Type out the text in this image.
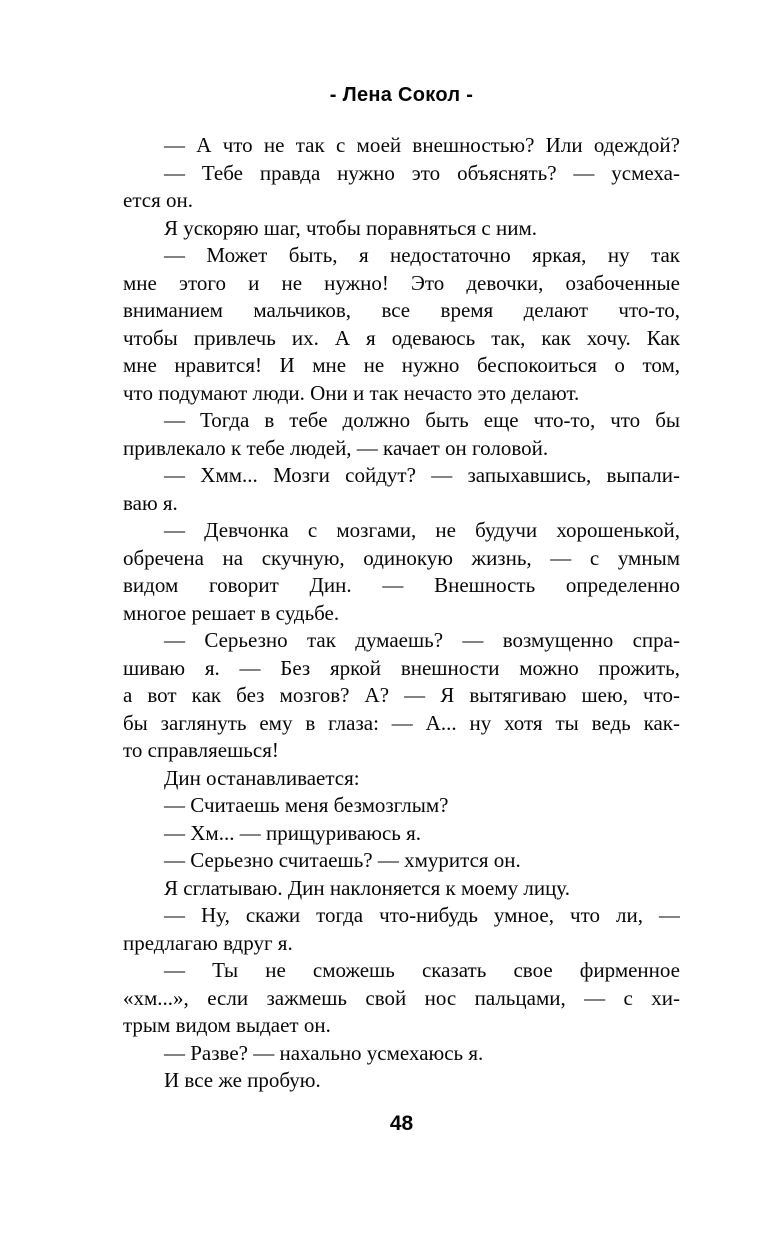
- Лена Сокол -
— А что не так с моей внешностью? Или одеждой?
— Тебе правда нужно это объяснять? — усмеха-
ется он.
Я ускоряю шаг, чтобы поравняться с ним.
— Может быть, я недостаточно яркая, ну так
мне этого и не нужно! Это девочки, озабоченные
вниманием мальчиков, все время делают что-то,
чтобы привлечь их. А я одеваюсь так, как хочу. Как
мне нравится! И мне не нужно беспокоиться о том,
что подумают люди. Они и так нечасто это делают.
— Тогда в тебе должно быть еще что-то, что бы
привлекало к тебе людей, — качает он головой.
— Хмм... Мозги сойдут? — запыхавшись, выпали-
ваю я.
— Девчонка с мозгами, не будучи хорошенькой,
обречена на скучную, одинокую жизнь, — с умным
видом говорит Дин. — Внешность определенно
многое решает в судьбе.
— Серьезно так думаешь? — возмущенно спра-
шиваю я. — Без яркой внешности можно прожить,
а вот как без мозгов? А? — Я вытягиваю шею, что-
бы заглянуть ему в глаза: — А... ну хотя ты ведь как-
то справляешься!
Дин останавливается:
— Считаешь меня безмозглым?
— Хм... — прищуриваюсь я.
— Серьезно считаешь? — хмурится он.
Я сглатываю. Дин наклоняется к моему лицу.
— Ну, скажи тогда что-нибудь умное, что ли, —
предлагаю вдруг я.
— Ты не сможешь сказать свое фирменное
«хм...», если зажмешь свой нос пальцами, — с хи-
трым видом выдает он.
— Разве? — нахально усмехаюсь я.
И все же пробую.
48
